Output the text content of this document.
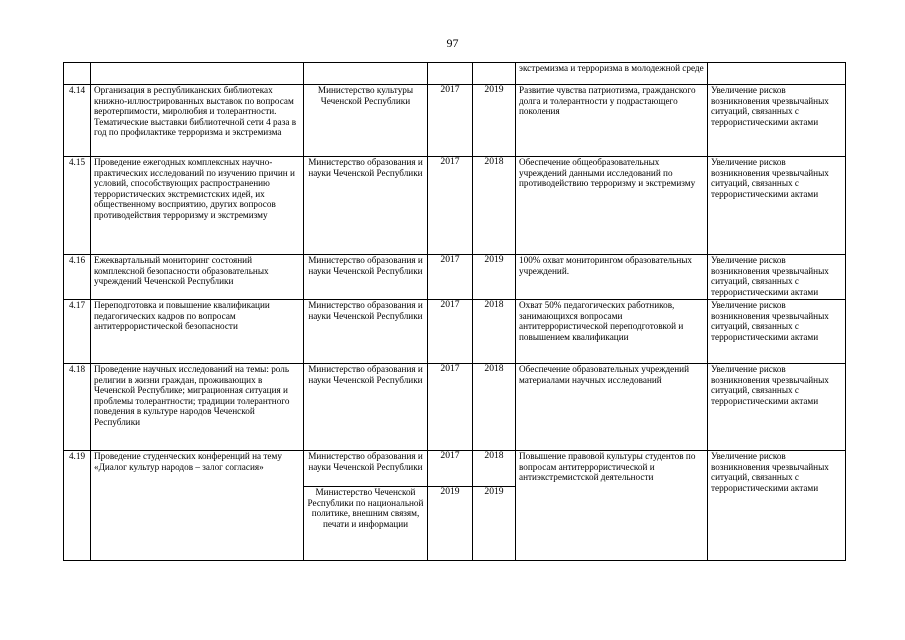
97
					экстремизма и терроризма в молодежной среде	
4.14	Организация в республиканских библиотеках книжно-иллюстрированных выставок по вопросам веротерпимости, миролюбия и толерантности. Тематические выставки библиотечной сети 4 раза в год по профилактике терроризма и экстремизма	Министерство культуры Чеченской Республики	2017	2019	Развитие чувства патриотизма, гражданского долга и толерантности у подрастающего поколения	Увеличение рисков возникновения чрезвычайных ситуаций, связанных с террористическими актами
4.15	Проведение ежегодных комплексных научно-практических исследований по изучению причин и условий, способствующих распространению террористических экстремистских идей, их общественному восприятию, других вопросов противодействия терроризму и экстремизму	Министерство образования и науки Чеченской Республики	2017	2018	Обеспечение общеобразовательных учреждений данными исследований по противодействию терроризму и экстремизму	Увеличение рисков возникновения чрезвычайных ситуаций, связанных с террористическими актами
4.16	Ежеквартальный мониторинг состояний комплексной безопасности образовательных учреждений Чеченской Республики	Министерство образования и науки Чеченской Республики	2017	2019	100% охват мониторингом образовательных учреждений.	Увеличение рисков возникновения чрезвычайных ситуаций, связанных с террористическими актами
4.17	Переподготовка и повышение квалификации педагогических кадров по вопросам антитеррористической безопасности	Министерство образования и науки Чеченской Республики	2017	2018	Охват 50% педагогических работников, занимающихся вопросами антитеррористической переподготовкой и повышением квалификации	Увеличение рисков возникновения чрезвычайных ситуаций, связанных с террористическими актами
4.18	Проведение научных исследований на темы: роль религии в жизни граждан, проживающих в Чеченской Республике; миграционная ситуация и проблемы толерантности; традиции толерантного поведения в культуре народов Чеченской Республики	Министерство образования и науки Чеченской Республики	2017	2018	Обеспечение образовательных учреждений материалами научных исследований	Увеличение рисков возникновения чрезвычайных ситуаций, связанных с террористическими актами
4.19	Проведение студенческих конференций на тему «Диалог культур народов – залог согласия»	Министерство образования и науки Чеченской Республики	2017	2018	Повышение правовой культуры студентов по вопросам антитеррористической и антиэкстремистской деятельности	Увеличение рисков возникновения чрезвычайных ситуаций, связанных с террористическими актами
		Министерство Чеченской Республики по национальной политике, внешним связям, печати и информации	2019	2019		
